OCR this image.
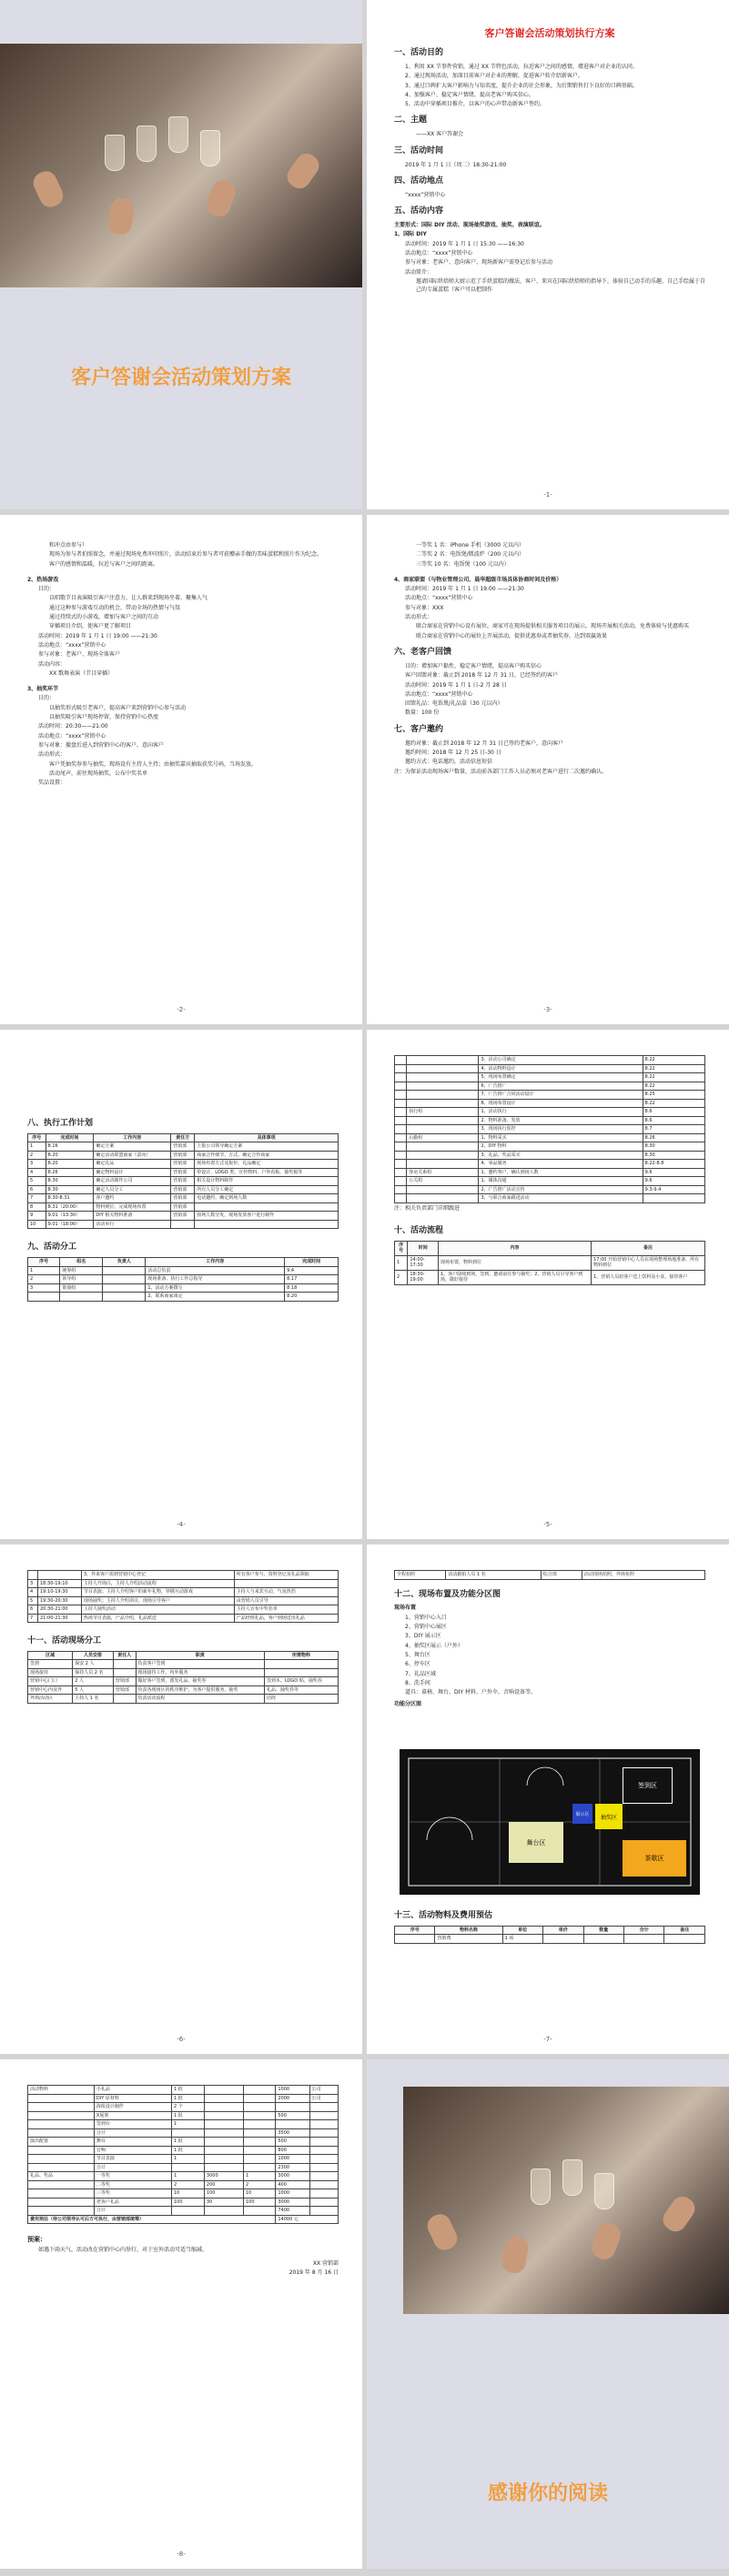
客户答谢会活动策划方案
客户答谢会活动策划执行方案
一、活动目的
1、利用 XX 节事件营销，通过 XX 节特色活动，拉近客户之间的感情，增进客户对企业的认同。
2、通过现场活动，加深目前客户对企业的理解，促进客户转介绍新客户。
3、通过口碑扩大客户影响力与知名度，提升企业的社会形象，为后期销售打下良好的口碑基础。
4、加强客户、稳定客户情绪，提高老客户购买信心。
5、活动中穿插项目推介，以客户的心声带动新客户签约。
二、主题
——XX 客户答谢会
三、活动时间
2019 年 1 月 1 日（周二）18:30-21:00
四、活动地点
“xxxx”营销中心
五、活动内容
主要形式：国际 DIY 活动、现场抽奖游戏、抽奖、表演联谊。
1、国际 DIY
活动时间：2019 年 1 月 1 日 15:30 ——16:30
活动地点：“xxxx”营销中心
参与对象：老客户、意向客户、现场新客户需登记后参与活动
活动简介：
邀请国际烘焙师大厨示范了手烘蛋糕的做法，客户、来宾在国际烘焙师的指导下，体验自己动手的乐趣，自己手绘属于自己的专属蛋糕（客户可以把制作
-1-
和冲点由参与）
现场为参与者拍照留念，并通过现场免费冲印照片，活动结束后参与者可获赠亲手做的美味蛋糕和照片作为纪念。
客户的感情和温暖，拉近与客户之间的距离。
2、热场游戏
目的：
以唱歌节目表演吸引客户注意力，让人群来到现场坐着，聚集人气
通过这种参与游戏互动的机会，带动全场的热情与气氛
通过持续式的小游戏，增加与客户之间的互动
穿插项目介绍，使客户更了解项目
活动时间：2019 年 1 月 1 日 19:00 ——21:30
活动地点：“xxxx”营销中心
参与对象：老客户、现场全体客户
活动内容：
XX 歌舞表演（节目穿插）
3、抽奖环节
目的：
以抽奖形式吸引老客户，提高客户来到营销中心参与活动
以抽奖吸引客户现场停留，保持营销中心热度
活动时间：20:30——21:00
活动地点：“xxxx”营销中心
参与对象：撤盘后进入到营销中心的客户，意向客户
活动形式：
客户凭抽奖券参与抽奖，现场设有主持人主持；由抽奖嘉宾抽取获奖号码，当场发放。
活动尾声，前往现场抽奖，公布中奖名单
奖品设置：
-2-
一等奖 1 名：iPhone 手机（3000 元以内）
二等奖 2 名：电饭煲/微波炉（200 元以内）
三等奖 10 名：电饭煲（100 元以内）
4、商家联盟（与物业管理公司、晨华超级市场具体协商时间及价格）
活动时间：2019 年 1 月 1 日 19:00 ——21:30
活动地点：“xxxx”营销中心
参与对象：XXX
活动形式：
联合商家在营销中心设有展位，商家可在现场提供相关服务项目的展示，现场开展相关活动，免费体验与优惠购买
联合商家在营销中心的展位上开展活动，提供优惠券或者抽奖券，达到双赢效果
六、老客户回馈
目的：增加客户黏性，稳定客户情绪，提高客户购买信心
客户回馈对象：截止到 2018 年 12 月 31 日，已经签约的客户
活动时间：2019 年 1 月 1 日-2 月 28 日
活动地点：“xxxx”营销中心
回馈礼品：电饭煲/礼品盒（30 元以内）
数量：100 份
七、客户邀约
邀约对象：截止到 2018 年 12 月 31 日已签约老客户，意向客户
邀约时间：2018 年 12 月 25 日-30 日
邀约方式：电话邀约，活动信息短信
注：为保证活动现场客户数量，活动前各部门工作人员必须对老客户进行二次邀约确认。
-3-
八、执行工作计划
序号	完成时间	工作内容	责任方	具体事项
1	8.16	确定方案	营销部	上报公司领导确定方案
2	8.20	确定活动联盟商家（意向）	营销部	商家合作细节、方式、确定合作商家
3	8.20	确定礼品	营销部	现场布置方式及报价，礼品确定
4	8.26	确定物料设计	营销部	带设计、LOGO 类、宣传物料、户外看板、抽奖箱等
5	8.30	确定活动制作公司	营销部	相关设计物料制作
6	8.30	确定人员分工	营销部	所有人员分工确定
7	8.30-8.31	客户邀约	营销部	电话邀约，确定到场人数
8	8.31（20:00）	物料到位，完成现场布置	营销部	
9	9.01（13:30）	DIY 相关物料准备	营销部	按场人数分发，现场发放客户进行制作
10	9.01（18:00）	活动举行		
九、活动分工
序号	组名	负责人	工作内容	完成时间
1	统筹组		活动总负责	9.4
2	领导组		现场准备、执行工作总指导	8.17
3	策划组		1、活动方案撰写	8.18
			2、联系商家谈定	8.20
-4-
		3、活动公司确定	8.22
		4、活动物料设计	8.22
		5、现场布置确定	8.22
		6、广告推广	8.22
		7、广告推广合同活动设计	8.25
		8、现场布置设计	8.22
	执行组	1、活动执行	8.6
		2、物料准备、发放	8.6
		3、现场执行监控	8.7
	后勤组	1、物料采买	8.26
		2、DIY 物料	8.30
		3、礼品、奖品采买	8.30
		4、零品服务	8.22-8.8
	客房关系组	1、邀约客户，确认到场人数	9.6
	公关组	1、媒体沟通	9.6
		2、广告推广活动宣传	9.3-9.4
		3、与联合商家跟进活动	
注：相关负责部门详细跟进
十、活动流程
序号	时间	内容	备注
1	14:00-17:30	现场布置，物料到位	17:00 开始营销中心人员在现场整理场地准备，所有物料到位
2	18:30-19:00	1、客户陆续到场，签到，邀请前往参与抽奖；2、营销人员引导客户到场，做好接待	1、营销人员给客户送上饮料及小食，接待客户
-5-
		3、外来客户需到营销中心登记	所有客户参与，资料登记及礼品领取
3	18:30-19:10	主持人开场白，主持人介绍活动流程	
4	19:10-19:30	节目表演；主持人介绍客户的新年礼物，穿插互动游戏	主持人与来宾互动，气氛热烈
5	19:30-20:30	现场抽奖；主持人介绍项目，现场引导客户	由营销人员引导
6	20:30-21:00	主持人抽奖活动	主持人宣布中奖名单
7	21:00-21:30	热场节目表演，产品介绍，礼品派送	产品经理礼品，客户到场送出礼品
十一、活动现场分工
区域	人员安排	责任人	职责	所需物料
签到	保安 2 人		负责客户签到	
现场接待	保持人员 2 名		现场接待工作，内外服务	
营销中心门口	2 人	营销部	做好客户签到，派发礼品、抽奖券	签到本、LOGO 贴、抽奖券
营销中心内及外	5 人	营销部	负责各现场区的秩序维护，为客户提供服务，抽奖	礼品、抽奖券等
外场活动区	主持人 1 名		负责活动流程	话筒
-6-
全程拍照	活动跟拍人员 1 名	综合部	活动现场拍照，外场布照
十二、现场布置及功能分区图
现场布置
1、营销中心入口
2、营销中心展区
3、DIY 展示区
4、抽奖区展示（户外）
5、舞台区
6、停车区
7、礼品区域
8、洗手间
道具：桌椅、舞台、DIY 材料、户外伞，音响设备等。
功能分区图
舞台区
签到区
抽奖区
茶歇区
展示区
十三、活动物料及费用预估
序号	物料名称	单位	单价	数量	合计	备注
	营销费	1 项				
-7-
活动物料	小礼品	1 批			1000	公司
	DIY 原材料	1 批			2000	公司
	海报设计制作	2 个				
	X展架	1 批			500	
	签到台	1				
	合计				3500	
演出配置	舞台	1 批			500	
	音响	1 批			800	
	节目表演	1			1000	
	合计				2300	
礼品、奖品	一等奖	1	3000	1	3000	
	二等奖	2	200	2	400	
	三等奖	10	100	10	1000	
	老客户礼品	100	30	100	3000	
	合计				7400	
费用预估（待公司领导认可后方可执行，由营销部统筹）					14000 元	
预案：
如遇下雨天气，活动改在营销中心内举行，对于室外活动可适当缩减。
XX 营销部
2019 年 8 月 16 日
-8-
感谢你的阅读
